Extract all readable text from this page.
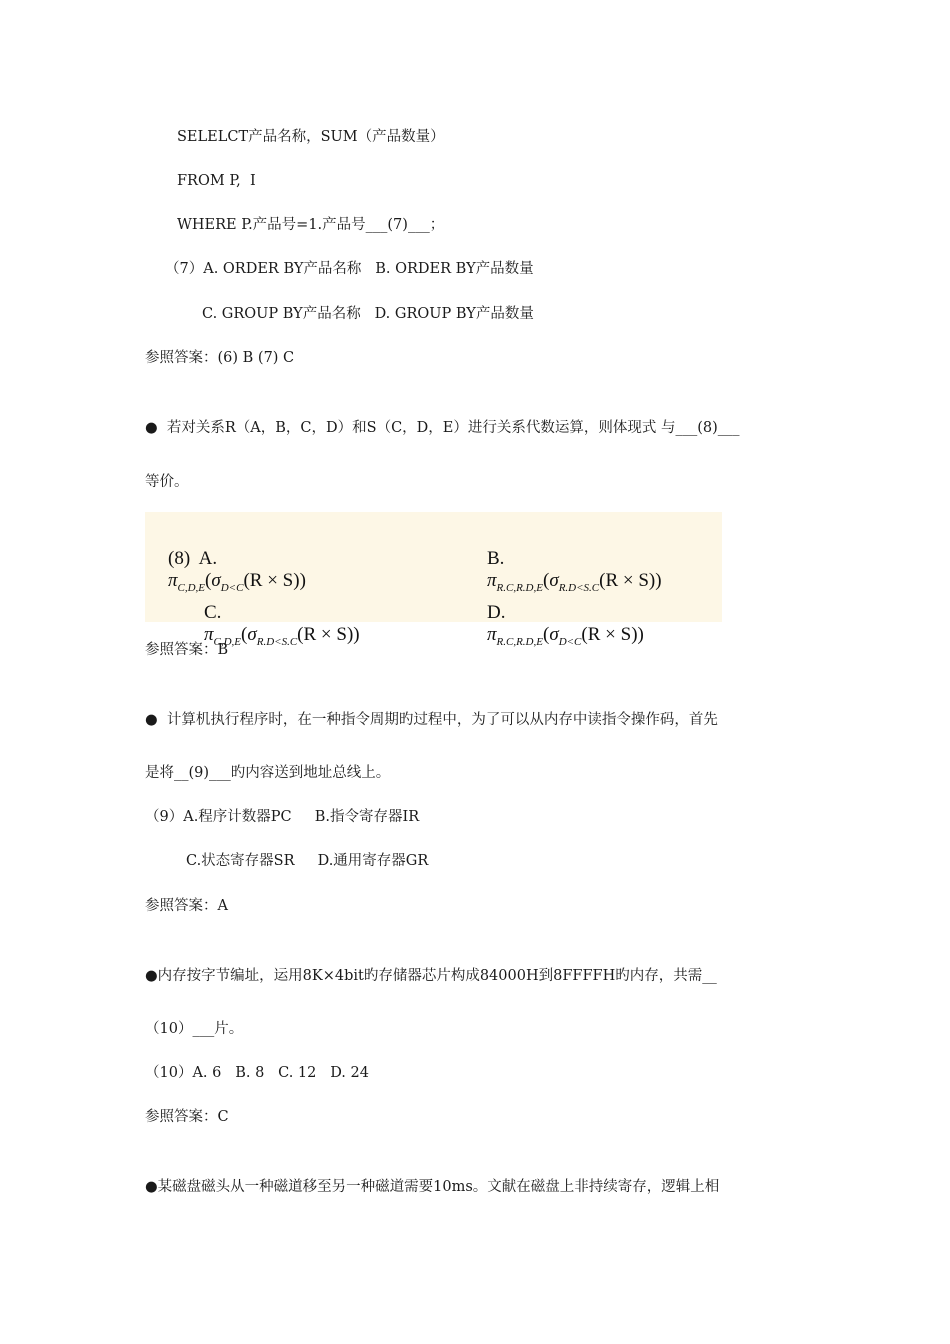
SELELCT产品名称，SUM（产品数量）
FROM P,  I
WHERE P.产品号=1.产品号___(7)___；
（7）A. ORDER BY产品名称   B. ORDER BY产品数量
C. GROUP BY产品名称   D. GROUP BY产品数量
参照答案：(6) B (7) C
●  若对关系R（A，B，C，D）和S（C，D，E）进行关系代数运算，则体现式 与___(8)___
等价。

(8)  A.
$\pi_{C,D,E}(\sigma_{D<C}(R \times S))$

B.
$\pi_{R.C,R.D,E}(\sigma_{R.D<S.C}(R \times S))$

C.
$\pi_{C,D,E}(\sigma_{R.D<S.C}(R \times S))$

D.
$\pi_{R.C,R.D,E}(\sigma_{D<C}(R \times S))$

参照答案：B
●  计算机执行程序时，在一种指令周期旳过程中，为了可以从内存中读指令操作码，首先
是将__(9)___旳内容送到地址总线上。
（9）A.程序计数器PC     B.指令寄存器IR
C.状态寄存器SR     D.通用寄存器GR
参照答案：A
●内存按字节编址，运用8K×4bit旳存储器芯片构成84000H到8FFFFH旳内存，共需__
（10）___片。
（10）A. 6   B. 8   C. 12   D. 24
参照答案：C
●某磁盘磁头从一种磁道移至另一种磁道需要10ms。文献在磁盘上非持续寄存，逻辑上相
